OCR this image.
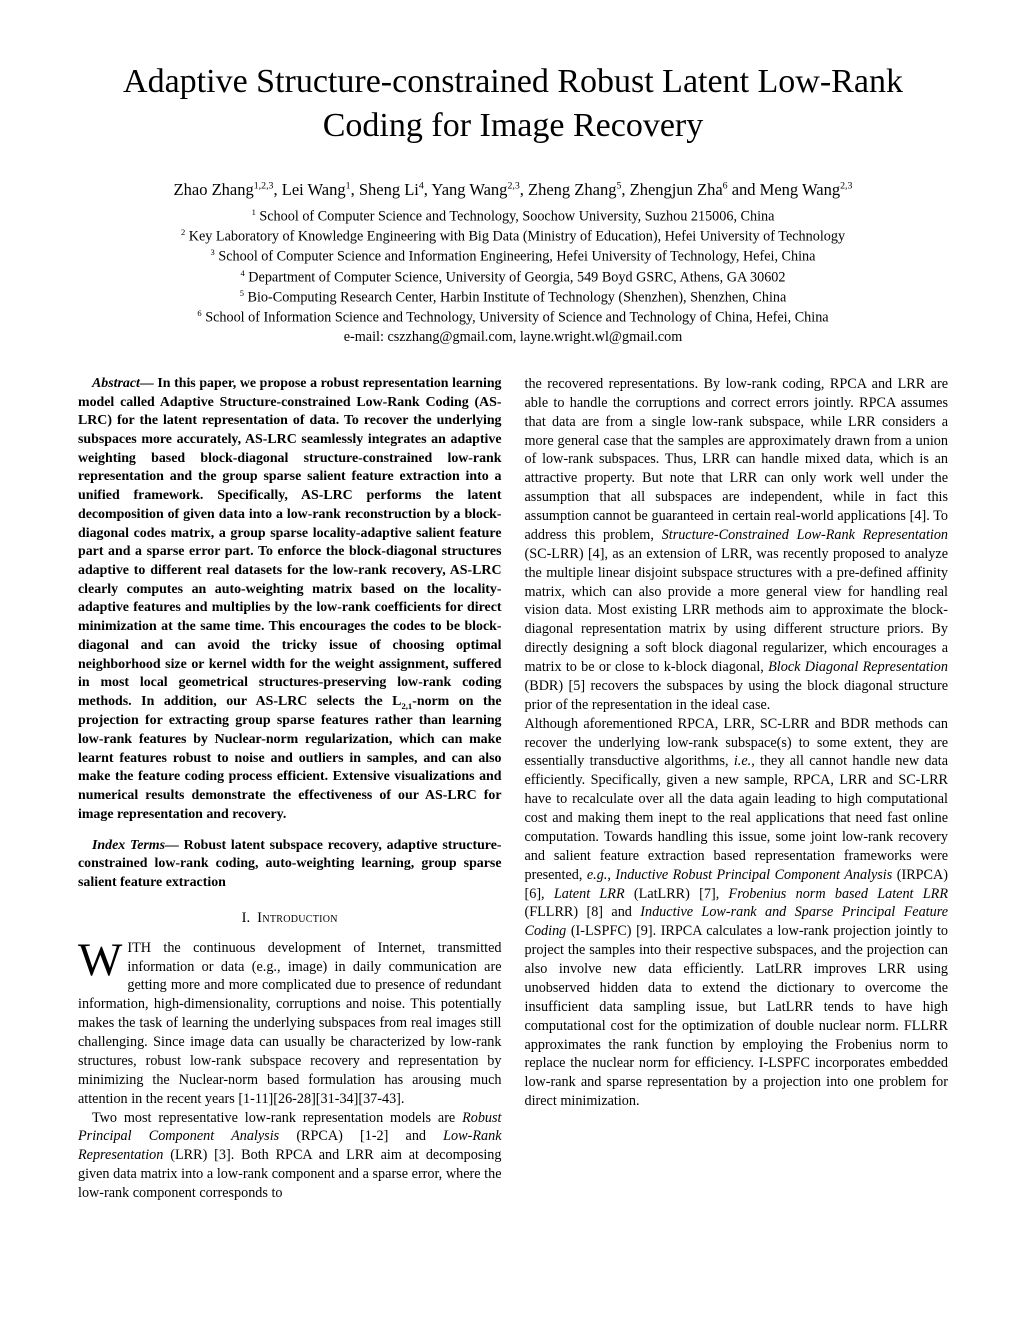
Adaptive Structure-constrained Robust Latent Low-Rank Coding for Image Recovery

Zhao Zhang$^{1,2,3}$, Lei Wang$^1$, Sheng Li$^4$, Yang Wang$^{2,3}$, Zheng Zhang$^5$, Zhengjun Zha$^6$ and Meng Wang$^{2,3}$

$^1$ School of Computer Science and Technology, Soochow University, Suzhou 215006, China

$^2$ Key Laboratory of Knowledge Engineering with Big Data (Ministry of Education), Hefei University of Technology

$^3$ School of Computer Science and Information Engineering, Hefei University of Technology, Hefei, China

$^4$ Department of Computer Science, University of Georgia, 549 Boyd GSRC, Athens, GA 30602

$^5$ Bio-Computing Research Center, Harbin Institute of Technology (Shenzhen), Shenzhen, China

$^6$ School of Information Science and Technology, University of Science and Technology of China, Hefei, China

e-mail: cszzhang@gmail.com, layne.wright.wl@gmail.com

Abstract— In this paper, we propose a robust representation learning model called Adaptive Structure-constrained Low-Rank Coding (AS-LRC) for the latent representation of data. To recover the underlying subspaces more accurately, AS-LRC seamlessly integrates an adaptive weighting based block-diagonal structure-constrained low-rank representation and the group sparse salient feature extraction into a unified framework. Specifically, AS-LRC performs the latent decomposition of given data into a low-rank reconstruction by a block-diagonal codes matrix, a group sparse locality-adaptive salient feature part and a sparse error part. To enforce the block-diagonal structures adaptive to different real datasets for the low-rank recovery, AS-LRC clearly computes an auto-weighting matrix based on the locality-adaptive features and multiplies by the low-rank coefficients for direct minimization at the same time. This encourages the codes to be block-diagonal and can avoid the tricky issue of choosing optimal neighborhood size or kernel width for the weight assignment, suffered in most local geometrical structures-preserving low-rank coding methods. In addition, our AS-LRC selects the $L_{2,1}$-norm on the projection for extracting group sparse features rather than learning low-rank features by Nuclear-norm regularization, which can make learnt features robust to noise and outliers in samples, and can also make the feature coding process efficient. Extensive visualizations and numerical results demonstrate the effectiveness of our AS-LRC for image representation and recovery.

Index Terms— Robust latent subspace recovery, adaptive structure-constrained low-rank coding, auto-weighting learning, group sparse salient feature extraction

I. Introduction

WITH the continuous development of Internet, transmitted information or data (e.g., image) in daily communication are getting more and more complicated due to presence of redundant information, high-dimensionality, corruptions and noise. This potentially makes the task of learning the underlying subspaces from real images still challenging. Since image data can usually be characterized by low-rank structures, robust low-rank subspace recovery and representation by minimizing the Nuclear-norm based formulation has arousing much attention in the recent years [1-11][26-28][31-34][37-43].

Two most representative low-rank representation models are Robust Principal Component Analysis (RPCA) [1-2] and Low-Rank Representation (LRR) [3]. Both RPCA and LRR aim at decomposing given data matrix into a low-rank component and a sparse error, where the low-rank component corresponds to

the recovered representations. By low-rank coding, RPCA and LRR are able to handle the corruptions and correct errors jointly. RPCA assumes that data are from a single low-rank subspace, while LRR considers a more general case that the samples are approximately drawn from a union of low-rank subspaces. Thus, LRR can handle mixed data, which is an attractive property. But note that LRR can only work well under the assumption that all subspaces are independent, while in fact this assumption cannot be guaranteed in certain real-world applications [4]. To address this problem, Structure-Constrained Low-Rank Representation (SC-LRR) [4], as an extension of LRR, was recently proposed to analyze the multiple linear disjoint subspace structures with a pre-defined affinity matrix, which can also provide a more general view for handling real vision data. Most existing LRR methods aim to approximate the block-diagonal representation matrix by using different structure priors. By directly designing a soft block diagonal regularizer, which encourages a matrix to be or close to k-block diagonal, Block Diagonal Representation (BDR) [5] recovers the subspaces by using the block diagonal structure prior of the representation in the ideal case.

Although aforementioned RPCA, LRR, SC-LRR and BDR methods can recover the underlying low-rank subspace(s) to some extent, they are essentially transductive algorithms, i.e., they all cannot handle new data efficiently. Specifically, given a new sample, RPCA, LRR and SC-LRR have to recalculate over all the data again leading to high computational cost and making them inept to the real applications that need fast online computation. Towards handling this issue, some joint low-rank recovery and salient feature extraction based representation frameworks were presented, e.g., Inductive Robust Principal Component Analysis (IRPCA) [6], Latent LRR (LatLRR) [7], Frobenius norm based Latent LRR (FLLRR) [8] and Inductive Low-rank and Sparse Principal Feature Coding (I-LSPFC) [9]. IRPCA calculates a low-rank projection jointly to project the samples into their respective subspaces, and the projection can also involve new data efficiently. LatLRR improves LRR using unobserved hidden data to extend the dictionary to overcome the insufficient data sampling issue, but LatLRR tends to have high computational cost for the optimization of double nuclear norm. FLLRR approximates the rank function by employing the Frobenius norm to replace the nuclear norm for efficiency. I-LSPFC incorporates embedded low-rank and sparse representation by a projection into one problem for direct minimization.
